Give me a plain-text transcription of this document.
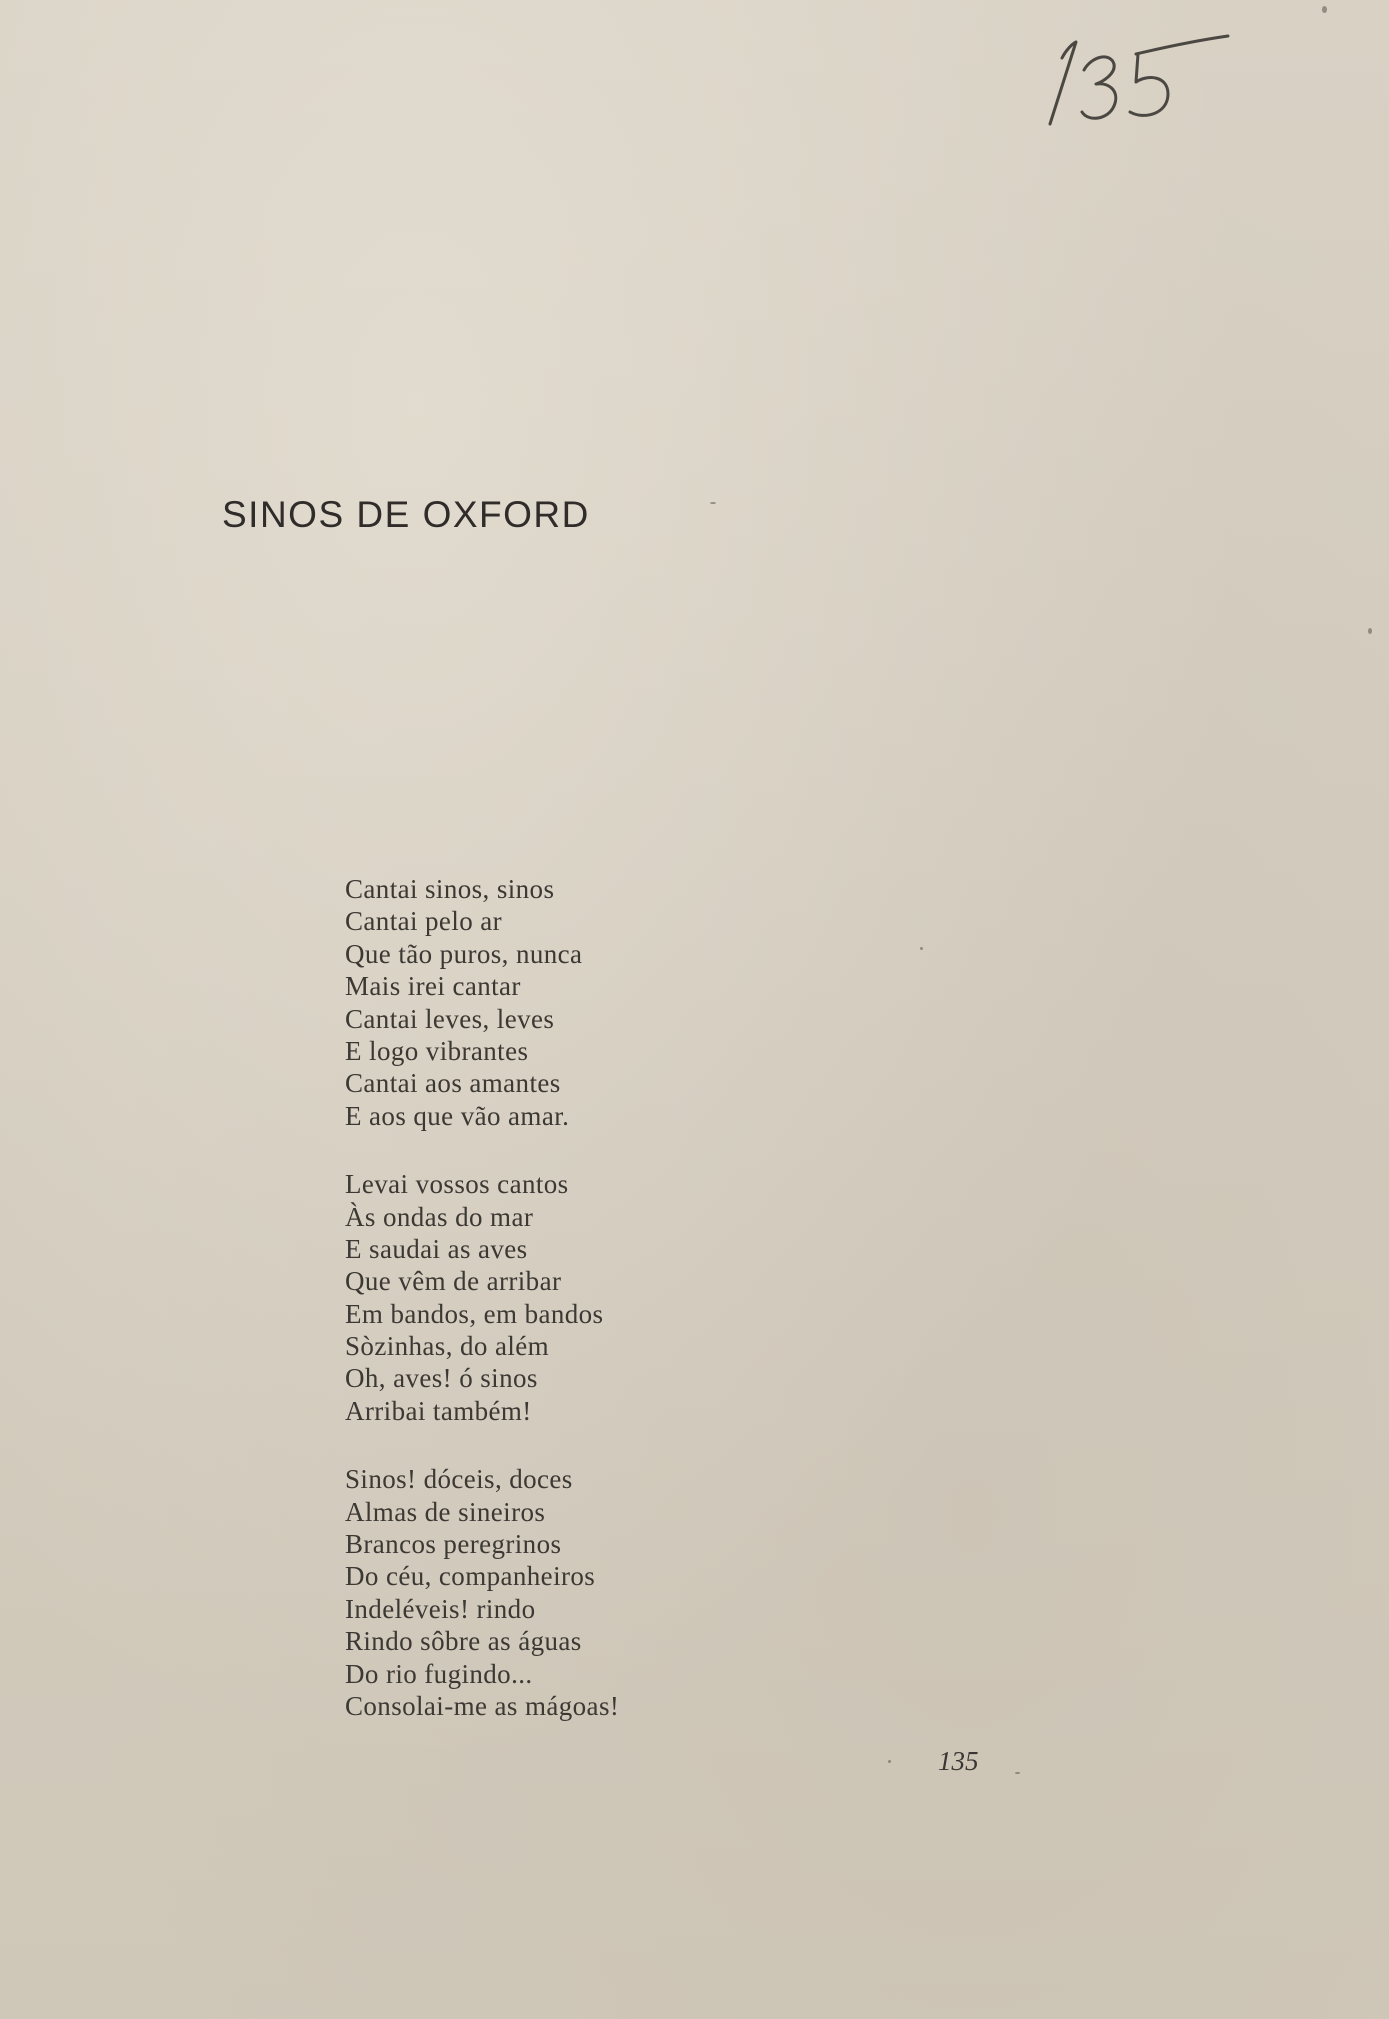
SINOS DE OXFORD
Cantai sinos, sinos
Cantai pelo ar
Que tão puros, nunca
Mais irei cantar
Cantai leves, leves
E logo vibrantes
Cantai aos amantes
E aos que vão amar.
Levai vossos cantos
Às ondas do mar
E saudai as aves
Que vêm de arribar
Em bandos, em bandos
Sòzinhas, do além
Oh, aves! ó sinos
Arribai também!
Sinos! dóceis, doces
Almas de sineiros
Brancos peregrinos
Do céu, companheiros
Indeléveis! rindo
Rindo sôbre as águas
Do rio fugindo...
Consolai-me as mágoas!
135
